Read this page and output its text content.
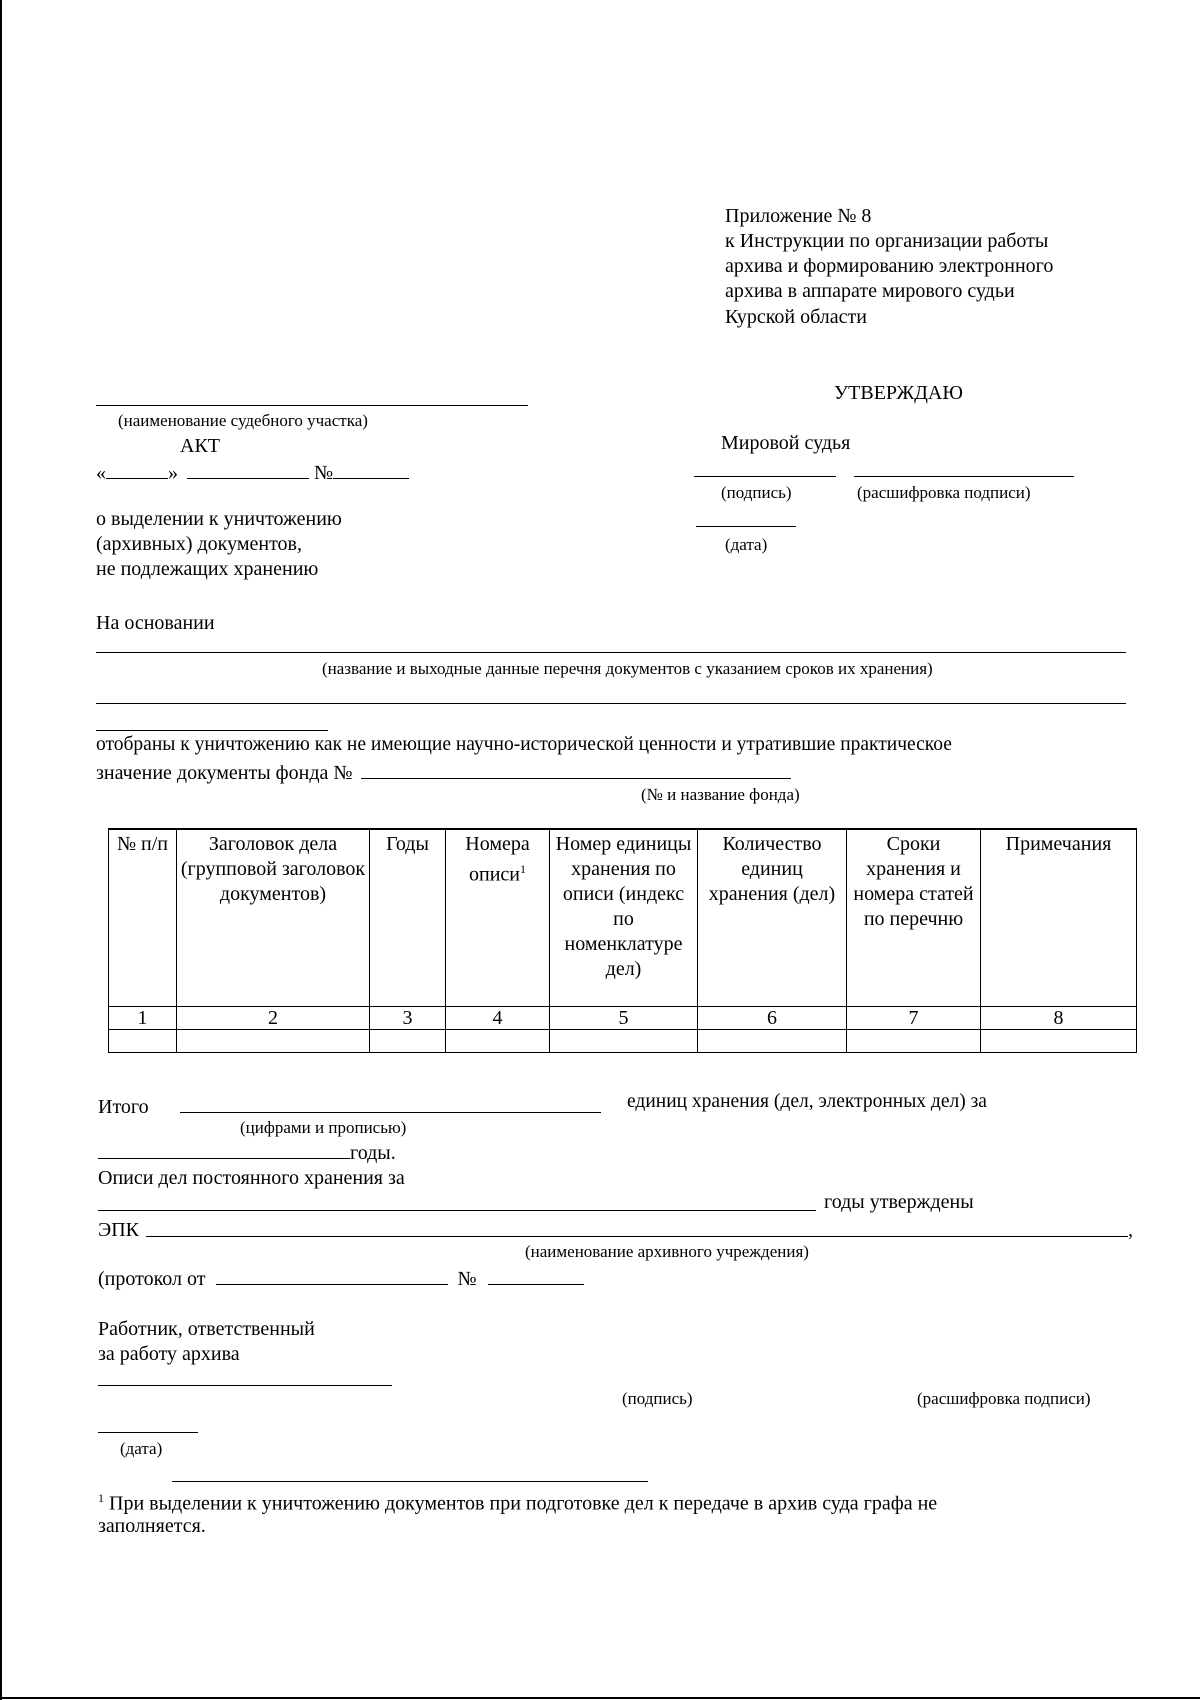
Приложение № 8
к Инструкции по организации работы
архива и формированию электронного
архива в аппарате мирового судьи
Курской области
УТВЕРЖДАЮ
Мировой судья
(подпись)	(расшифровка подписи)
(дата)
(наименование судебного участка)
АКТ
«	»	№
о выделении к уничтожению
(архивных) документов,
не подлежащих хранению
На основании
(название и выходные данные перечня документов с указанием сроков их хранения)
отобраны к уничтожению как не имеющие научно-исторической ценности и утратившие практическое
значение документы фонда №
(№ и название фонда)
№ п/п	Заголовок дела (групповой заголовок документов)	Годы	Номера описи$^1$	Номер единицы хранения по описи (индекс по номенклатуре дел)	Количество единиц хранения (дел)	Сроки хранения и номера статей по перечню	Примечания
1	2	3	4	5	6	7	8

Итого	единиц хранения (дел, электронных дел) за
(цифрами и прописью)
годы.
Описи дел постоянного хранения за
годы утверждены
ЭПК	,
(наименование архивного учреждения)
(протокол от	№
Работник, ответственный
за работу архива
(подпись)	(расшифровка подписи)
(дата)
$^1$ При выделении к уничтожению документов при подготовке дел к передаче в архив суда графа не
заполняется.
